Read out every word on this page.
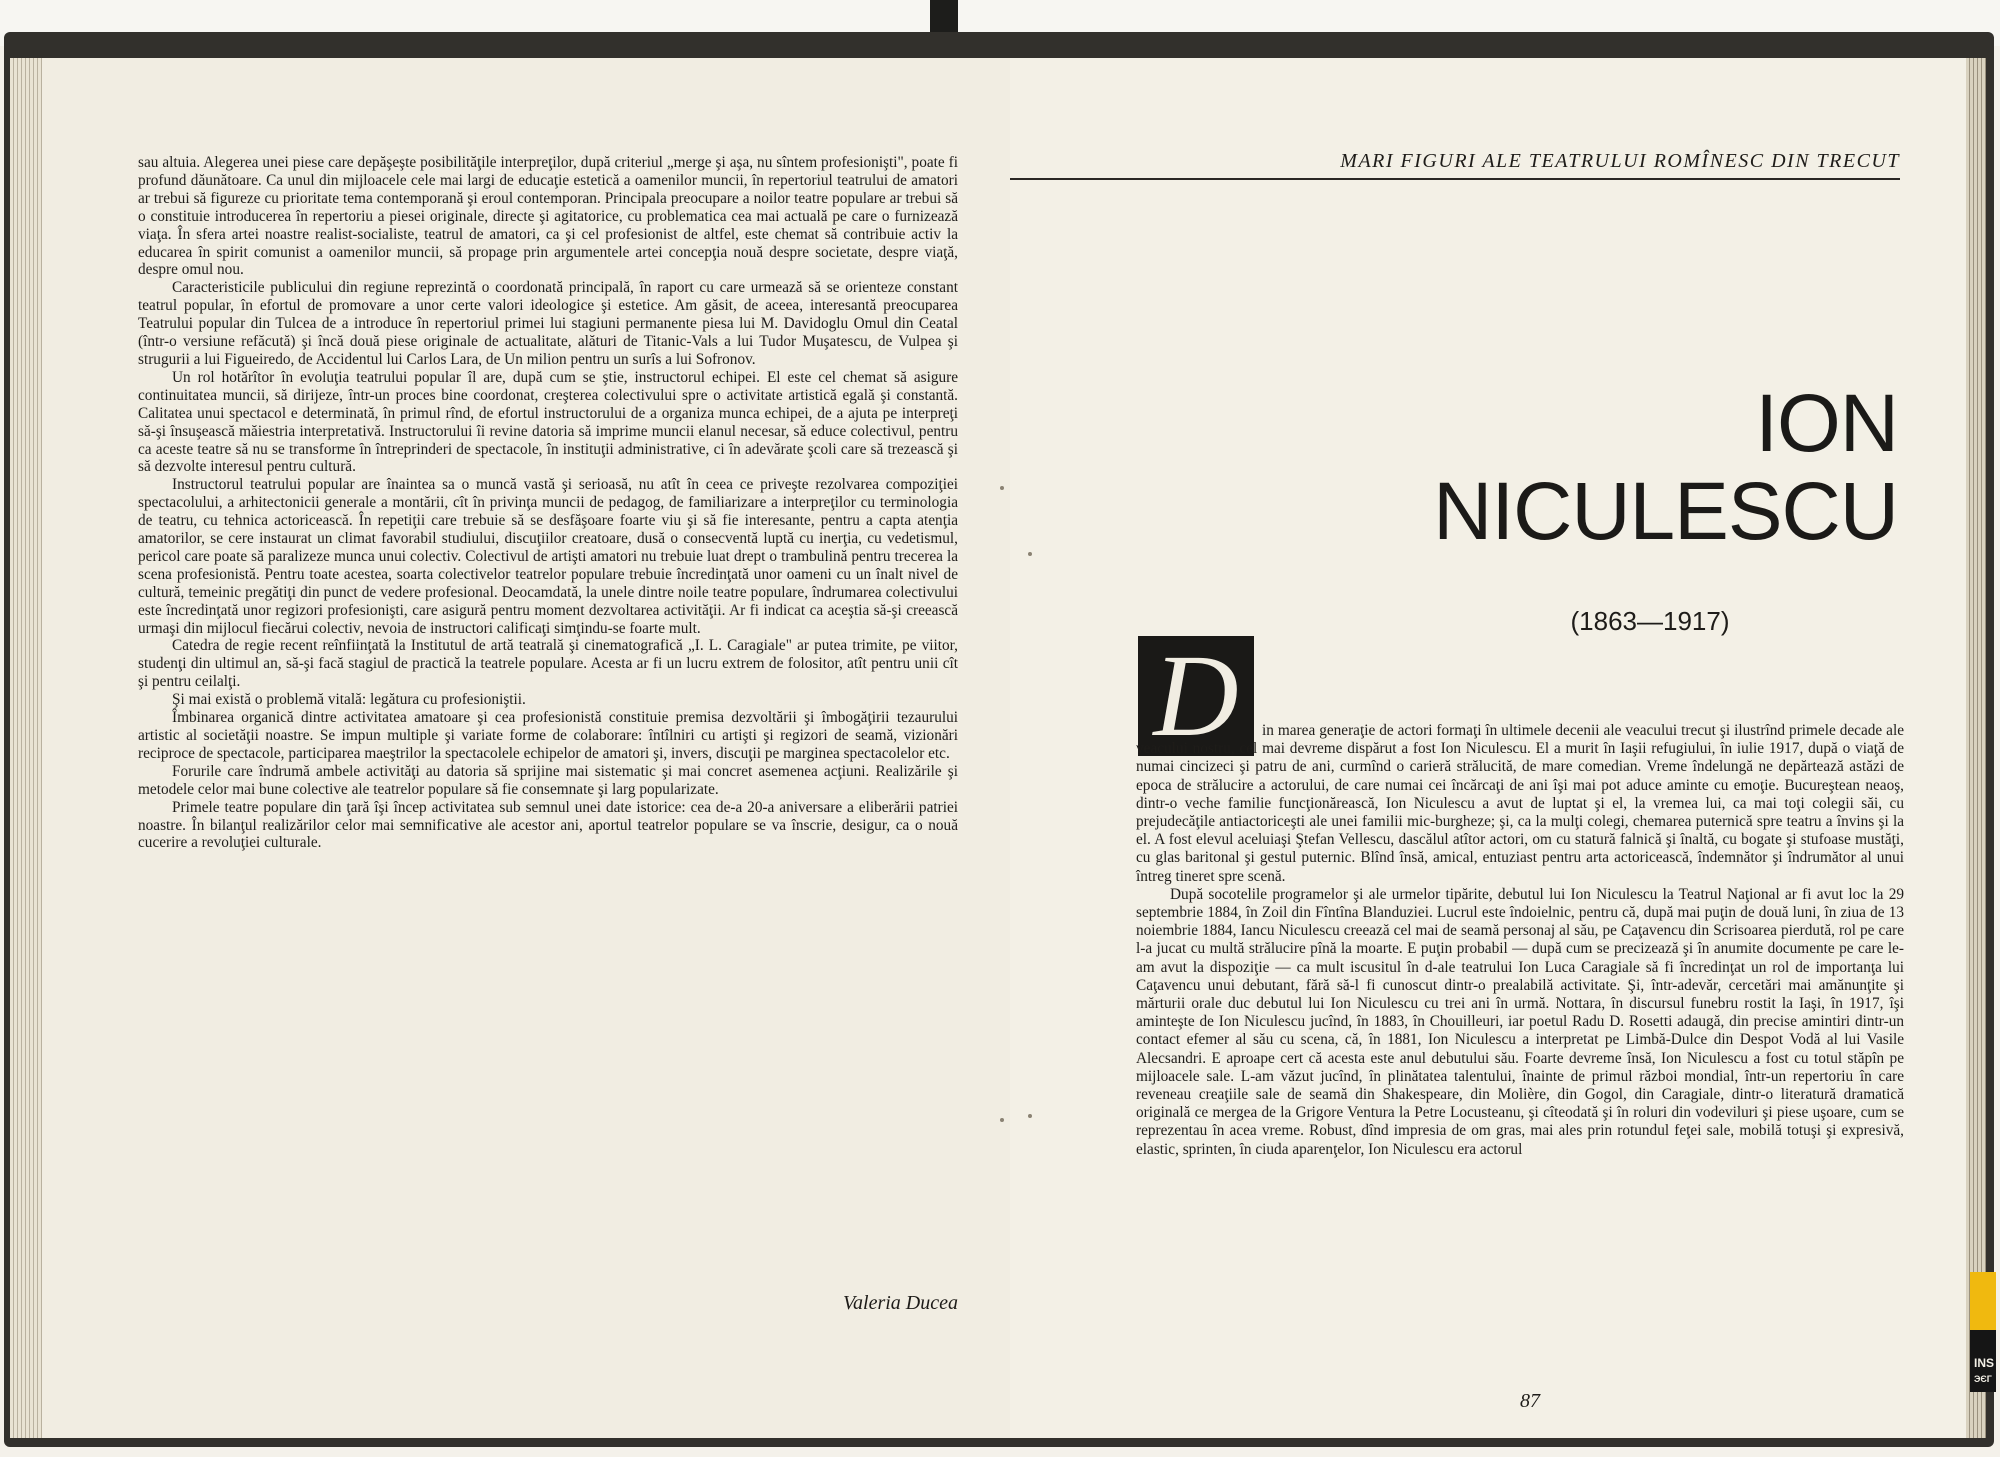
sau altuia. Alegerea unei piese care depăşeşte posibilităţile interpreţilor, după criteriul „merge şi aşa, nu sîntem profesionişti", poate fi profund dăunătoare. Ca unul din mijloacele cele mai largi de educaţie estetică a oamenilor muncii, în repertoriul teatrului de amatori ar trebui să figureze cu prioritate tema contemporană şi eroul contemporan. Principala preocupare a noilor teatre populare ar trebui să o constituie introducerea în repertoriu a piesei originale, directe şi agitatorice, cu problematica cea mai actuală pe care o furnizează viaţa. În sfera artei noastre realist-socialiste, teatrul de amatori, ca şi cel profesionist de altfel, este chemat să contribuie activ la educarea în spirit comunist a oamenilor muncii, să propage prin argumentele artei concepţia nouă despre societate, despre viaţă, despre omul nou.

Caracteristicile publicului din regiune reprezintă o coordonată principală, în raport cu care urmează să se orienteze constant teatrul popular, în efortul de promovare a unor certe valori ideologice şi estetice. Am găsit, de aceea, interesantă preocuparea Teatrului popular din Tulcea de a introduce în repertoriul primei lui stagiuni permanente piesa lui M. Davidoglu Omul din Ceatal (într-o versiune refăcută) şi încă două piese originale de actualitate, alături de Titanic-Vals a lui Tudor Muşatescu, de Vulpea şi strugurii a lui Figueiredo, de Accidentul lui Carlos Lara, de Un milion pentru un surîs a lui Sofronov.

Un rol hotărîtor în evoluţia teatrului popular îl are, după cum se ştie, instructorul echipei. El este cel chemat să asigure continuitatea muncii, să dirijeze, într-un proces bine coordonat, creşterea colectivului spre o activitate artistică egală şi constantă. Calitatea unui spectacol e determinată, în primul rînd, de efortul instructorului de a organiza munca echipei, de a ajuta pe interpreţi să-şi însuşească măiestria interpretativă. Instructorului îi revine datoria să imprime muncii elanul necesar, să educe colectivul, pentru ca aceste teatre să nu se transforme în întreprinderi de spectacole, în instituţii administrative, ci în adevărate şcoli care să trezească şi să dezvolte interesul pentru cultură.

Instructorul teatrului popular are înaintea sa o muncă vastă şi serioasă, nu atît în ceea ce priveşte rezolvarea compoziţiei spectacolului, a arhitectonicii generale a montării, cît în privinţa muncii de pedagog, de familiarizare a interpreţilor cu terminologia de teatru, cu tehnica actoricească. În repetiţii care trebuie să se desfăşoare foarte viu şi să fie interesante, pentru a capta atenţia amatorilor, se cere instaurat un climat favorabil studiului, discuţiilor creatoare, dusă o consecventă luptă cu inerţia, cu vedetismul, pericol care poate să paralizeze munca unui colectiv. Colectivul de artişti amatori nu trebuie luat drept o trambulină pentru trecerea la scena profesionistă. Pentru toate acestea, soarta colectivelor teatrelor populare trebuie încredinţată unor oameni cu un înalt nivel de cultură, temeinic pregătiţi din punct de vedere profesional. Deocamdată, la unele dintre noile teatre populare, îndrumarea colectivului este încredinţată unor regizori profesionişti, care asigură pentru moment dezvoltarea activităţii. Ar fi indicat ca aceştia să-şi creească urmaşi din mijlocul fiecărui colectiv, nevoia de instructori calificaţi simţindu-se foarte mult.

Catedra de regie recent reînfiinţată la Institutul de artă teatrală şi cinematografică „I. L. Caragiale" ar putea trimite, pe viitor, studenţi din ultimul an, să-şi facă stagiul de practică la teatrele populare. Acesta ar fi un lucru extrem de folositor, atît pentru unii cît şi pentru ceilalţi.

Şi mai există o problemă vitală: legătura cu profesioniştii.

Îmbinarea organică dintre activitatea amatoare şi cea profesionistă constituie premisa dezvoltării şi îmbogăţirii tezaurului artistic al societăţii noastre. Se impun multiple şi variate forme de colaborare: întîlniri cu artişti şi regizori de seamă, vizionări reciproce de spectacole, participarea maeştrilor la spectacolele echipelor de amatori şi, invers, discuţii pe marginea spectacolelor etc.

Forurile care îndrumă ambele activităţi au datoria să sprijine mai sistematic şi mai concret asemenea acţiuni. Realizările şi metodele celor mai bune colective ale teatrelor populare să fie consemnate şi larg popularizate.

Primele teatre populare din ţară îşi încep activitatea sub semnul unei date istorice: cea de-a 20-a aniversare a eliberării patriei noastre. În bilanţul realizărilor celor mai semnificative ale acestor ani, aportul teatrelor populare se va înscrie, desigur, ca o nouă cucerire a revoluţiei culturale.

Valeria Ducea
MARI FIGURI ALE TEATRULUI ROMÎNESC DIN TRECUT
ION
NICULESCU
(1863—1917)
D	in marea generaţie de actori formaţi în ultimele decenii ale veacului trecut şi ilustrînd primele decade ale veacului nostru, cel mai devreme dispărut a fost Ion Niculescu. El a murit în Iaşii refugiului, în iulie 1917, după o viaţă de numai cincizeci şi patru de ani, curmînd o carieră strălucită, de mare comedian. Vreme îndelungă ne depărtează astăzi de epoca de strălucire a actorului, de care numai cei încărcaţi de ani îşi mai pot aduce aminte cu emoţie. Bucureştean neaoş, dintr-o veche familie funcţionărească, Ion Niculescu a avut de luptat şi el, la vremea lui, ca mai toţi colegii săi, cu prejudecăţile antiactoriceşti ale unei familii mic-burgheze; şi, ca la mulţi colegi, chemarea puternică spre teatru a învins şi la el. A fost elevul aceluiaşi Ştefan Vellescu, dascălul atîtor actori, om cu statură falnică şi înaltă, cu bogate şi stufoase mustăţi, cu glas baritonal şi gestul puternic. Blînd însă, amical, entuziast pentru arta actoricească, îndemnător şi îndrumător al unui întreg tineret spre scenă.

După socotelile programelor şi ale urmelor tipărite, debutul lui Ion Niculescu la Teatrul Naţional ar fi avut loc la 29 septembrie 1884, în Zoil din Fîntîna Blanduziei. Lucrul este îndoielnic, pentru că, după mai puţin de două luni, în ziua de 13 noiembrie 1884, Iancu Niculescu creează cel mai de seamă personaj al său, pe Caţavencu din Scrisoarea pierdută, rol pe care l-a jucat cu multă strălucire pînă la moarte. E puţin probabil — după cum se precizează şi în anumite documente pe care le-am avut la dispoziţie — ca mult iscusitul în d-ale teatrului Ion Luca Caragiale să fi încredinţat un rol de importanţa lui Caţavencu unui debutant, fără să-l fi cunoscut dintr-o prealabilă activitate. Şi, într-adevăr, cercetări mai amănunţite şi mărturii orale duc debutul lui Ion Niculescu cu trei ani în urmă. Nottara, în discursul funebru rostit la Iaşi, în 1917, îşi aminteşte de Ion Niculescu jucînd, în 1883, în Chouilleuri, iar poetul Radu D. Rosetti adaugă, din precise amintiri dintr-un contact efemer al său cu scena, că, în 1881, Ion Niculescu a interpretat pe Limbă-Dulce din Despot Vodă al lui Vasile Alecsandri. E aproape cert că acesta este anul debutului său. Foarte devreme însă, Ion Niculescu a fost cu totul stăpîn pe mijloacele sale. L-am văzut jucînd, în plinătatea talentului, înainte de primul război mondial, într-un repertoriu în care reveneau creaţiile sale de seamă din Shakespeare, din Molière, din Gogol, din Caragiale, dintr-o literatură dramatică originală ce mergea de la Grigore Ventura la Petre Locusteanu, şi cîteodată şi în roluri din vodeviluri şi piese uşoare, cum se reprezentau în acea vreme. Robust, dînd impresia de om gras, mai ales prin rotundul feţei sale, mobilă totuşi şi expresivă, elastic, sprinten, în ciuda aparenţelor, Ion Niculescu era actorul

87
INS
ЭЄГ
